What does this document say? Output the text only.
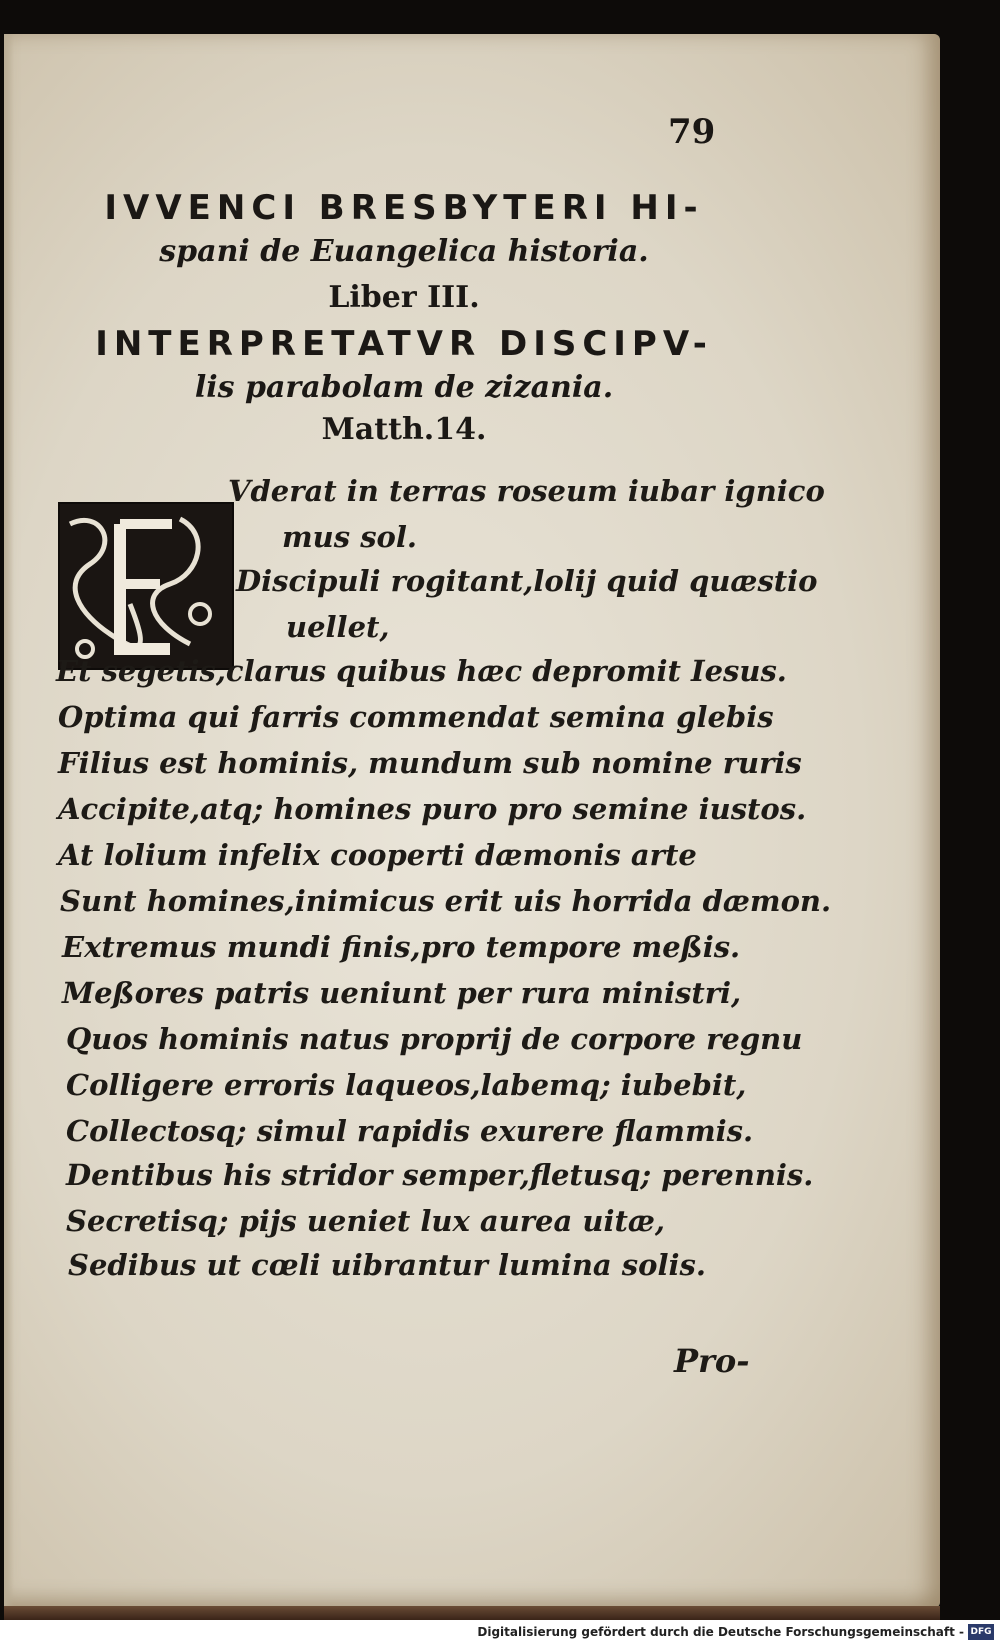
79
IVVENCI BRESBYTERI HI-
spani de Euangelica historia.
Liber III.
INTERPRETATVR DISCIPV-
lis parabolam de zizania.
Matth.14.
Vderat in terras roseum iubar ignico
mus sol.
Discipuli rogitant,lolij quid quæstio
uellet,
Et segetis,clarus quibus hæc depromit Iesus.
Optima qui farris commendat semina glebis
Filius est hominis, mundum sub nomine ruris
Accipite,atq; homines puro pro semine iustos.
At lolium infelix cooperti dæmonis arte
Sunt homines,inimicus erit uis horrida dæmon.
Extremus mundi finis,pro tempore meßis.
Meßores patris ueniunt per rura ministri,
Quos hominis natus proprij de corpore regnu
Colligere erroris laqueos,labemq; iubebit,
Collectosq; simul rapidis exurere flammis.
Dentibus his stridor semper,fletusq; perennis.
Secretisq; pijs ueniet lux aurea uitæ,
Sedibus ut cœli uibrantur lumina solis.
Pro-
Digitalisierung gefördert durch die Deutsche Forschungsgemeinschaft - DFG
